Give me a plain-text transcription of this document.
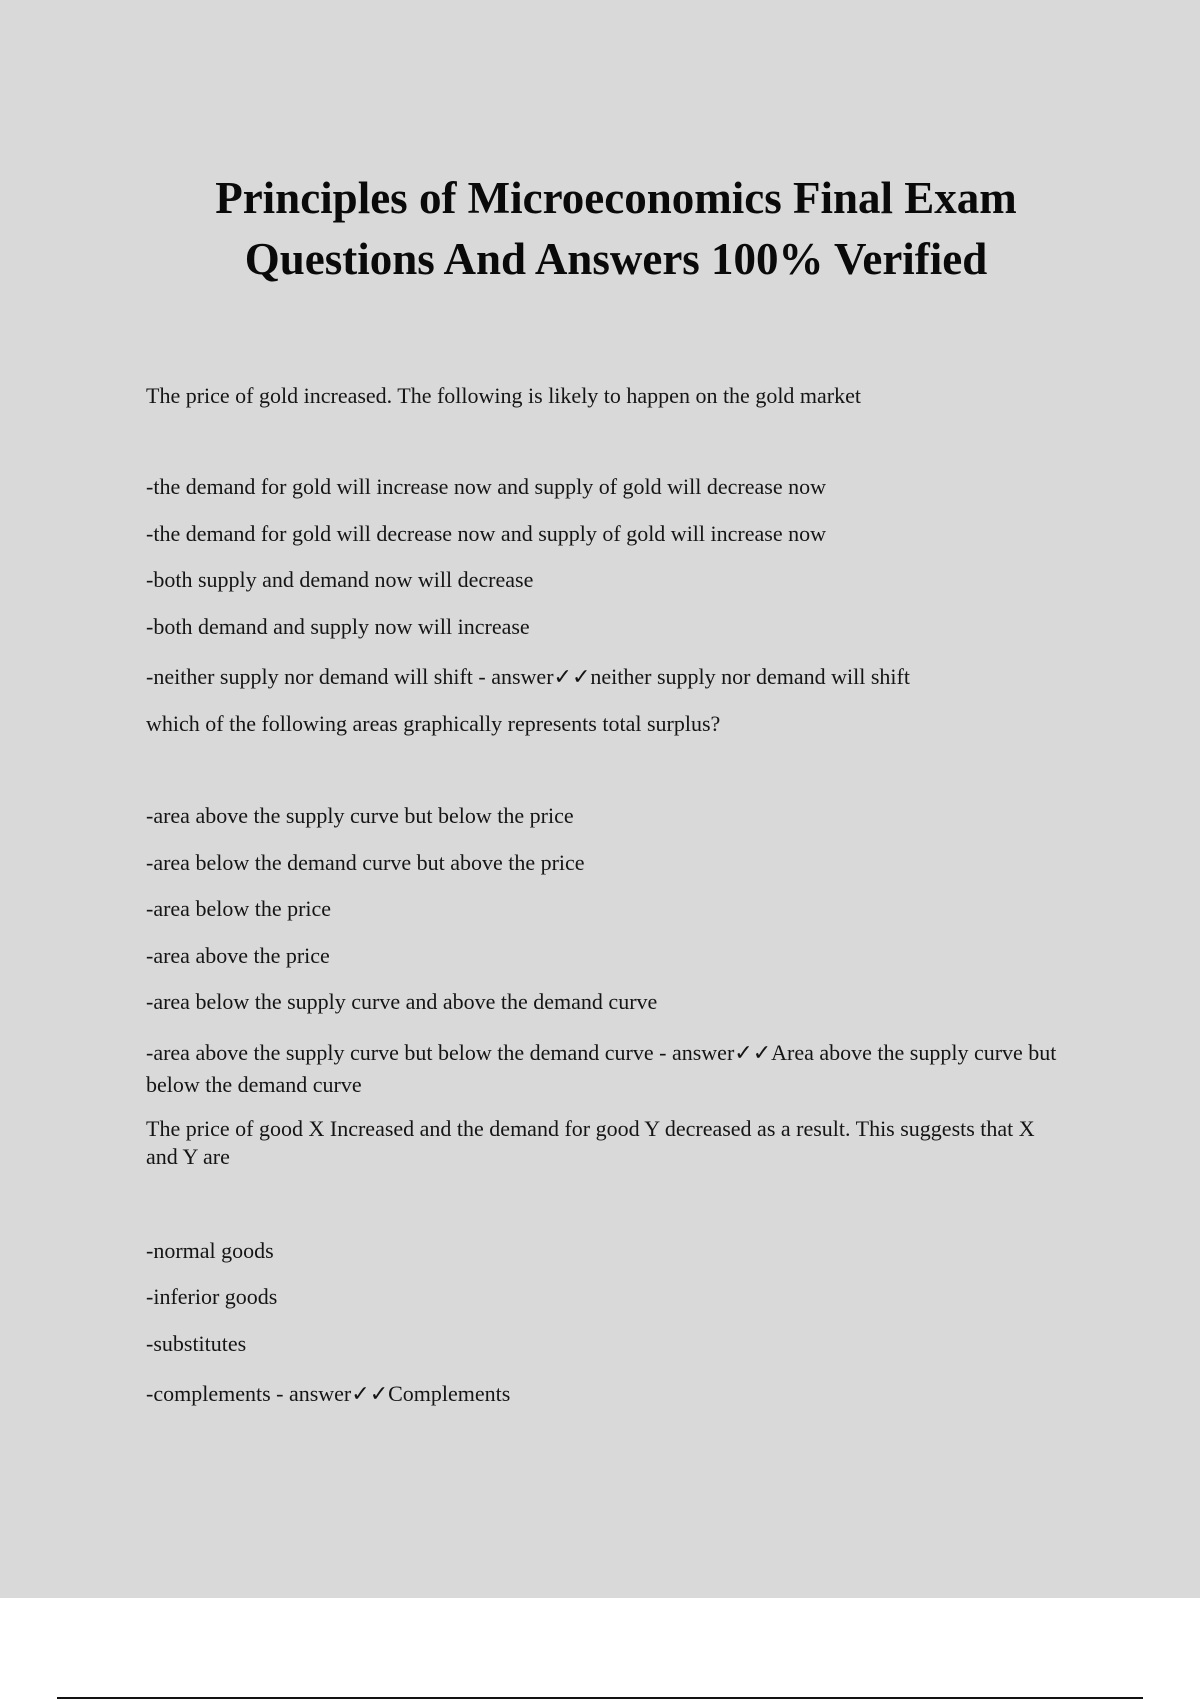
Principles of Microeconomics Final Exam
Questions And Answers 100% Verified

The price of gold increased. The following is likely to happen on the gold market

-the demand for gold will increase now and supply of gold will decrease now

-the demand for gold will decrease now and supply of gold will increase now

-both supply and demand now will decrease

-both demand and supply now will increase

-neither supply nor demand will shift - answer✓✓neither supply nor demand will shift

which of the following areas graphically represents total surplus?

-area above the supply curve but below the price

-area below the demand curve but above the price

-area below the price

-area above the price

-area below the supply curve and above the demand curve

-area above the supply curve but below the demand curve - answer✓✓Area above the supply curve but below the demand curve

The price of good X Increased and the demand for good Y decreased as a result. This suggests that X and Y are

-normal goods

-inferior goods

-substitutes

-complements - answer✓✓Complements
